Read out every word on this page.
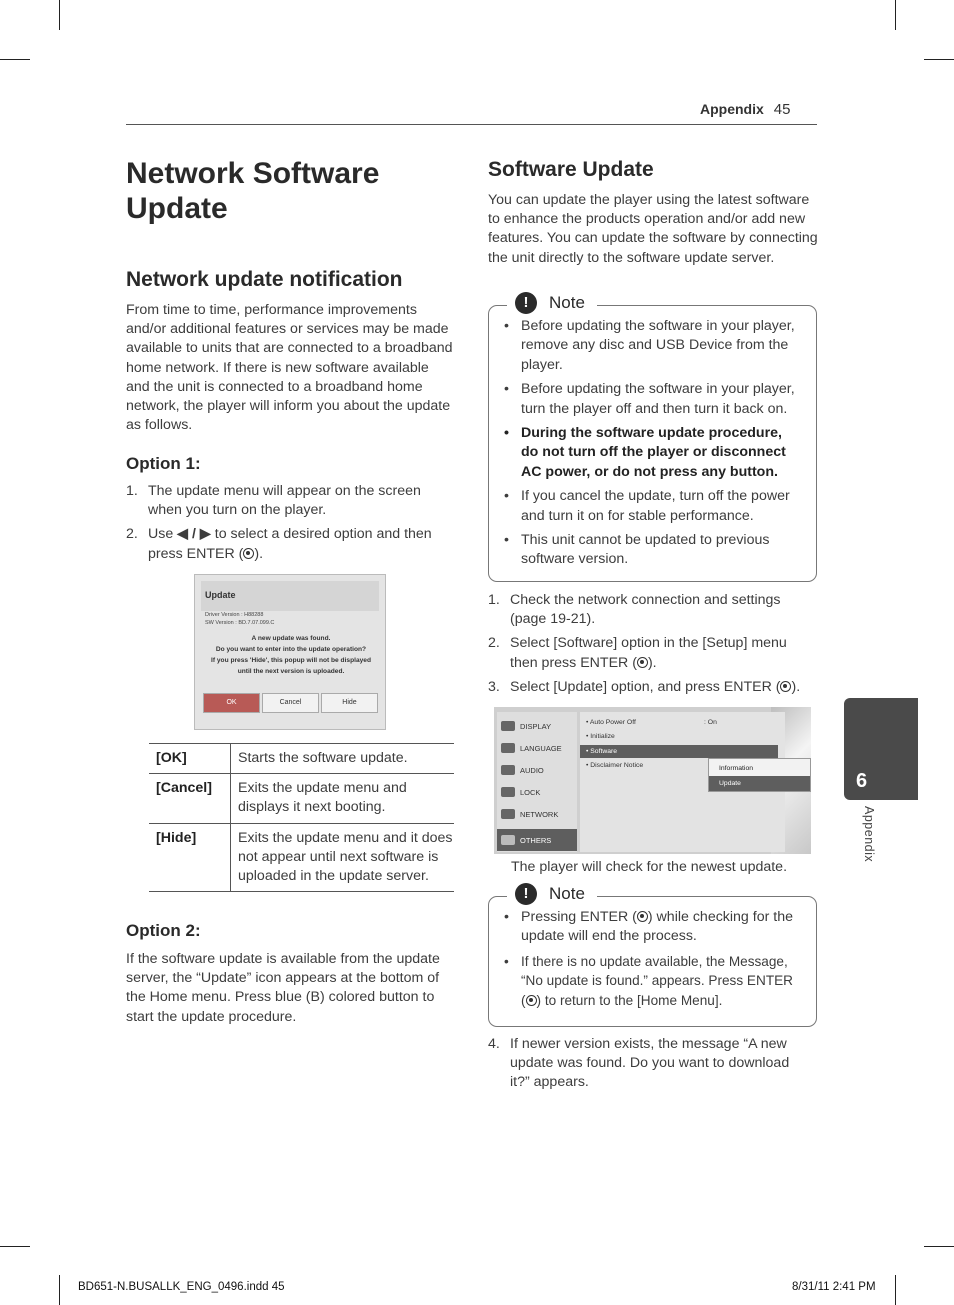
Appendix 45
Network Software Update
Network update notification

From time to time, performance improvements and/or additional features or services may be made available to units that are connected to a broadband home network. If there is new software available and the unit is connected to a broadband home network, the player will inform you about the update as follows.

Option 1:
1. The update menu will appear on the screen when you turn on the player.
2. Use ◀ / ▶ to select a desired option and then press ENTER ( ).
Update
Driver Version : H88288
SW Version : BD.7.07.099.C
A new update was found.
Do you want to enter into the update operation?
If you press 'Hide', this popup will not be displayed
until the next version is uploaded.
OK	Cancel	Hide
[OK]	Starts the software update.
[Cancel]	Exits the update menu and displays it next booting.
[Hide]	Exits the update menu and it does not appear until next software is uploaded in the update server.
Option 2:

If the software update is available from the update server, the “Update” icon appears at the bottom of the Home menu. Press blue (B) colored button to start the update procedure.

Software Update

You can update the player using the latest software to enhance the products operation and/or add new features. You can update the software by connecting the unit directly to the software update server.

!	Note
• Before updating the software in your player, remove any disc and USB Device from the player.
• Before updating the software in your player, turn the player off and then turn it back on.
• During the software update procedure, do not turn off the player or disconnect AC power, or do not press any button.
• If you cancel the update, turn off the power and turn it on for stable performance.
• This unit cannot be updated to previous software version.
1. Check the network connection and settings (page 19-21).
2. Select [Software] option in the [Setup] menu then press ENTER ( ).
3. Select [Update] option, and press ENTER ( ).
DISPLAY
LANGUAGE
AUDIO
LOCK
NETWORK
OTHERS
• Auto Power Off	: On
• Initialize
• Software
• Disclaimer Notice	Information
Update

The player will check for the newest update.

!	Note
• Pressing ENTER ( ) while checking for the update will end the process.
• If there is no update available, the Message, “No update is found.” appears. Press ENTER ( ) to return to the [Home Menu].
4. If newer version exists, the message “A new update was found. Do you want to download it?” appears.
6
Appendix
BD651-N.BUSALLK_ENG_0496.indd 45	8/31/11 2:41 PM
